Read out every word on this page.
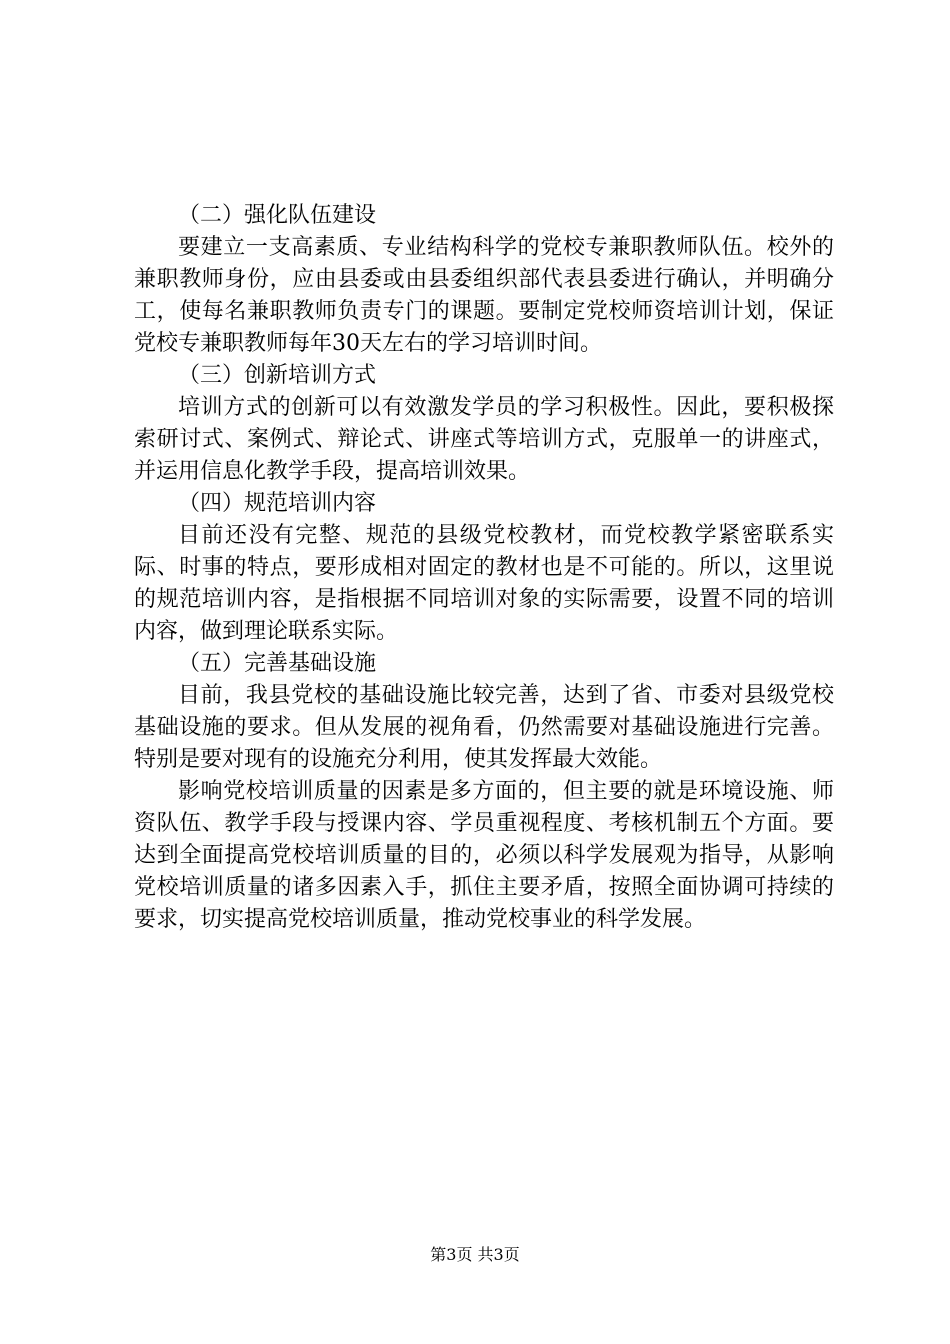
（二）强化队伍建设

要建立一支高素质、专业结构科学的党校专兼职教师队伍。校外的兼职教师身份，应由县委或由县委组织部代表县委进行确认，并明确分工，使每名兼职教师负责专门的课题。要制定党校师资培训计划，保证党校专兼职教师每年30天左右的学习培训时间。

（三）创新培训方式

培训方式的创新可以有效激发学员的学习积极性。因此，要积极探索研讨式、案例式、辩论式、讲座式等培训方式，克服单一的讲座式，并运用信息化教学手段，提高培训效果。

（四）规范培训内容

目前还没有完整、规范的县级党校教材，而党校教学紧密联系实际、时事的特点，要形成相对固定的教材也是不可能的。所以，这里说的规范培训内容，是指根据不同培训对象的实际需要，设置不同的培训内容，做到理论联系实际。

（五）完善基础设施

目前，我县党校的基础设施比较完善，达到了省、市委对县级党校基础设施的要求。但从发展的视角看，仍然需要对基础设施进行完善。特别是要对现有的设施充分利用，使其发挥最大效能。

影响党校培训质量的因素是多方面的，但主要的就是环境设施、师资队伍、教学手段与授课内容、学员重视程度、考核机制五个方面。要达到全面提高党校培训质量的目的，必须以科学发展观为指导，从影响党校培训质量的诸多因素入手，抓住主要矛盾，按照全面协调可持续的要求，切实提高党校培训质量，推动党校事业的科学发展。

第3页 共3页
